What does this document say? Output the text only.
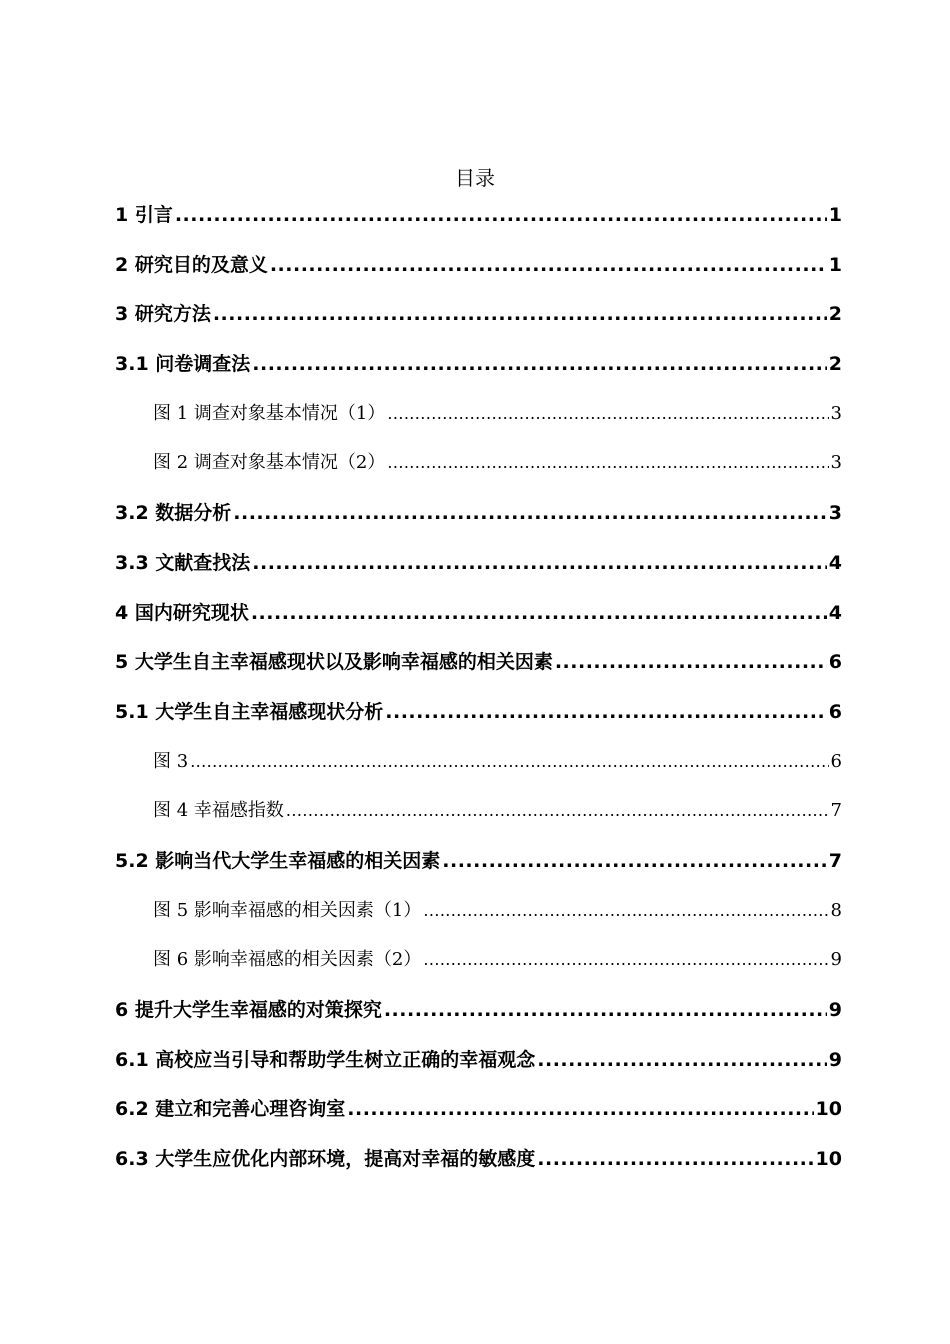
目录
1 引言 .....	1
2 研究目的及意义 .....	1
3 研究方法 .....	2
3.1 问卷调查法 .....	2
图 1 调查对象基本情况（1） .....	3
图 2 调查对象基本情况（2） .....	3
3.2 数据分析 .....	3
3.3 文献查找法 .....	4
4 国内研究现状 .....	4
5 大学生自主幸福感现状以及影响幸福感的相关因素 .....	6
5.1 大学生自主幸福感现状分析 .....	6
图 3 .....	6
图 4 幸福感指数 .....	7
5.2 影响当代大学生幸福感的相关因素 .....	7
图 5 影响幸福感的相关因素（1） .....	8
图 6 影响幸福感的相关因素（2） .....	9
6 提升大学生幸福感的对策探究 .....	9
6.1 高校应当引导和帮助学生树立正确的幸福观念 .....	9
6.2 建立和完善心理咨询室 .....	10
6.3 大学生应优化内部环境，提高对幸福的敏感度 .....	10
